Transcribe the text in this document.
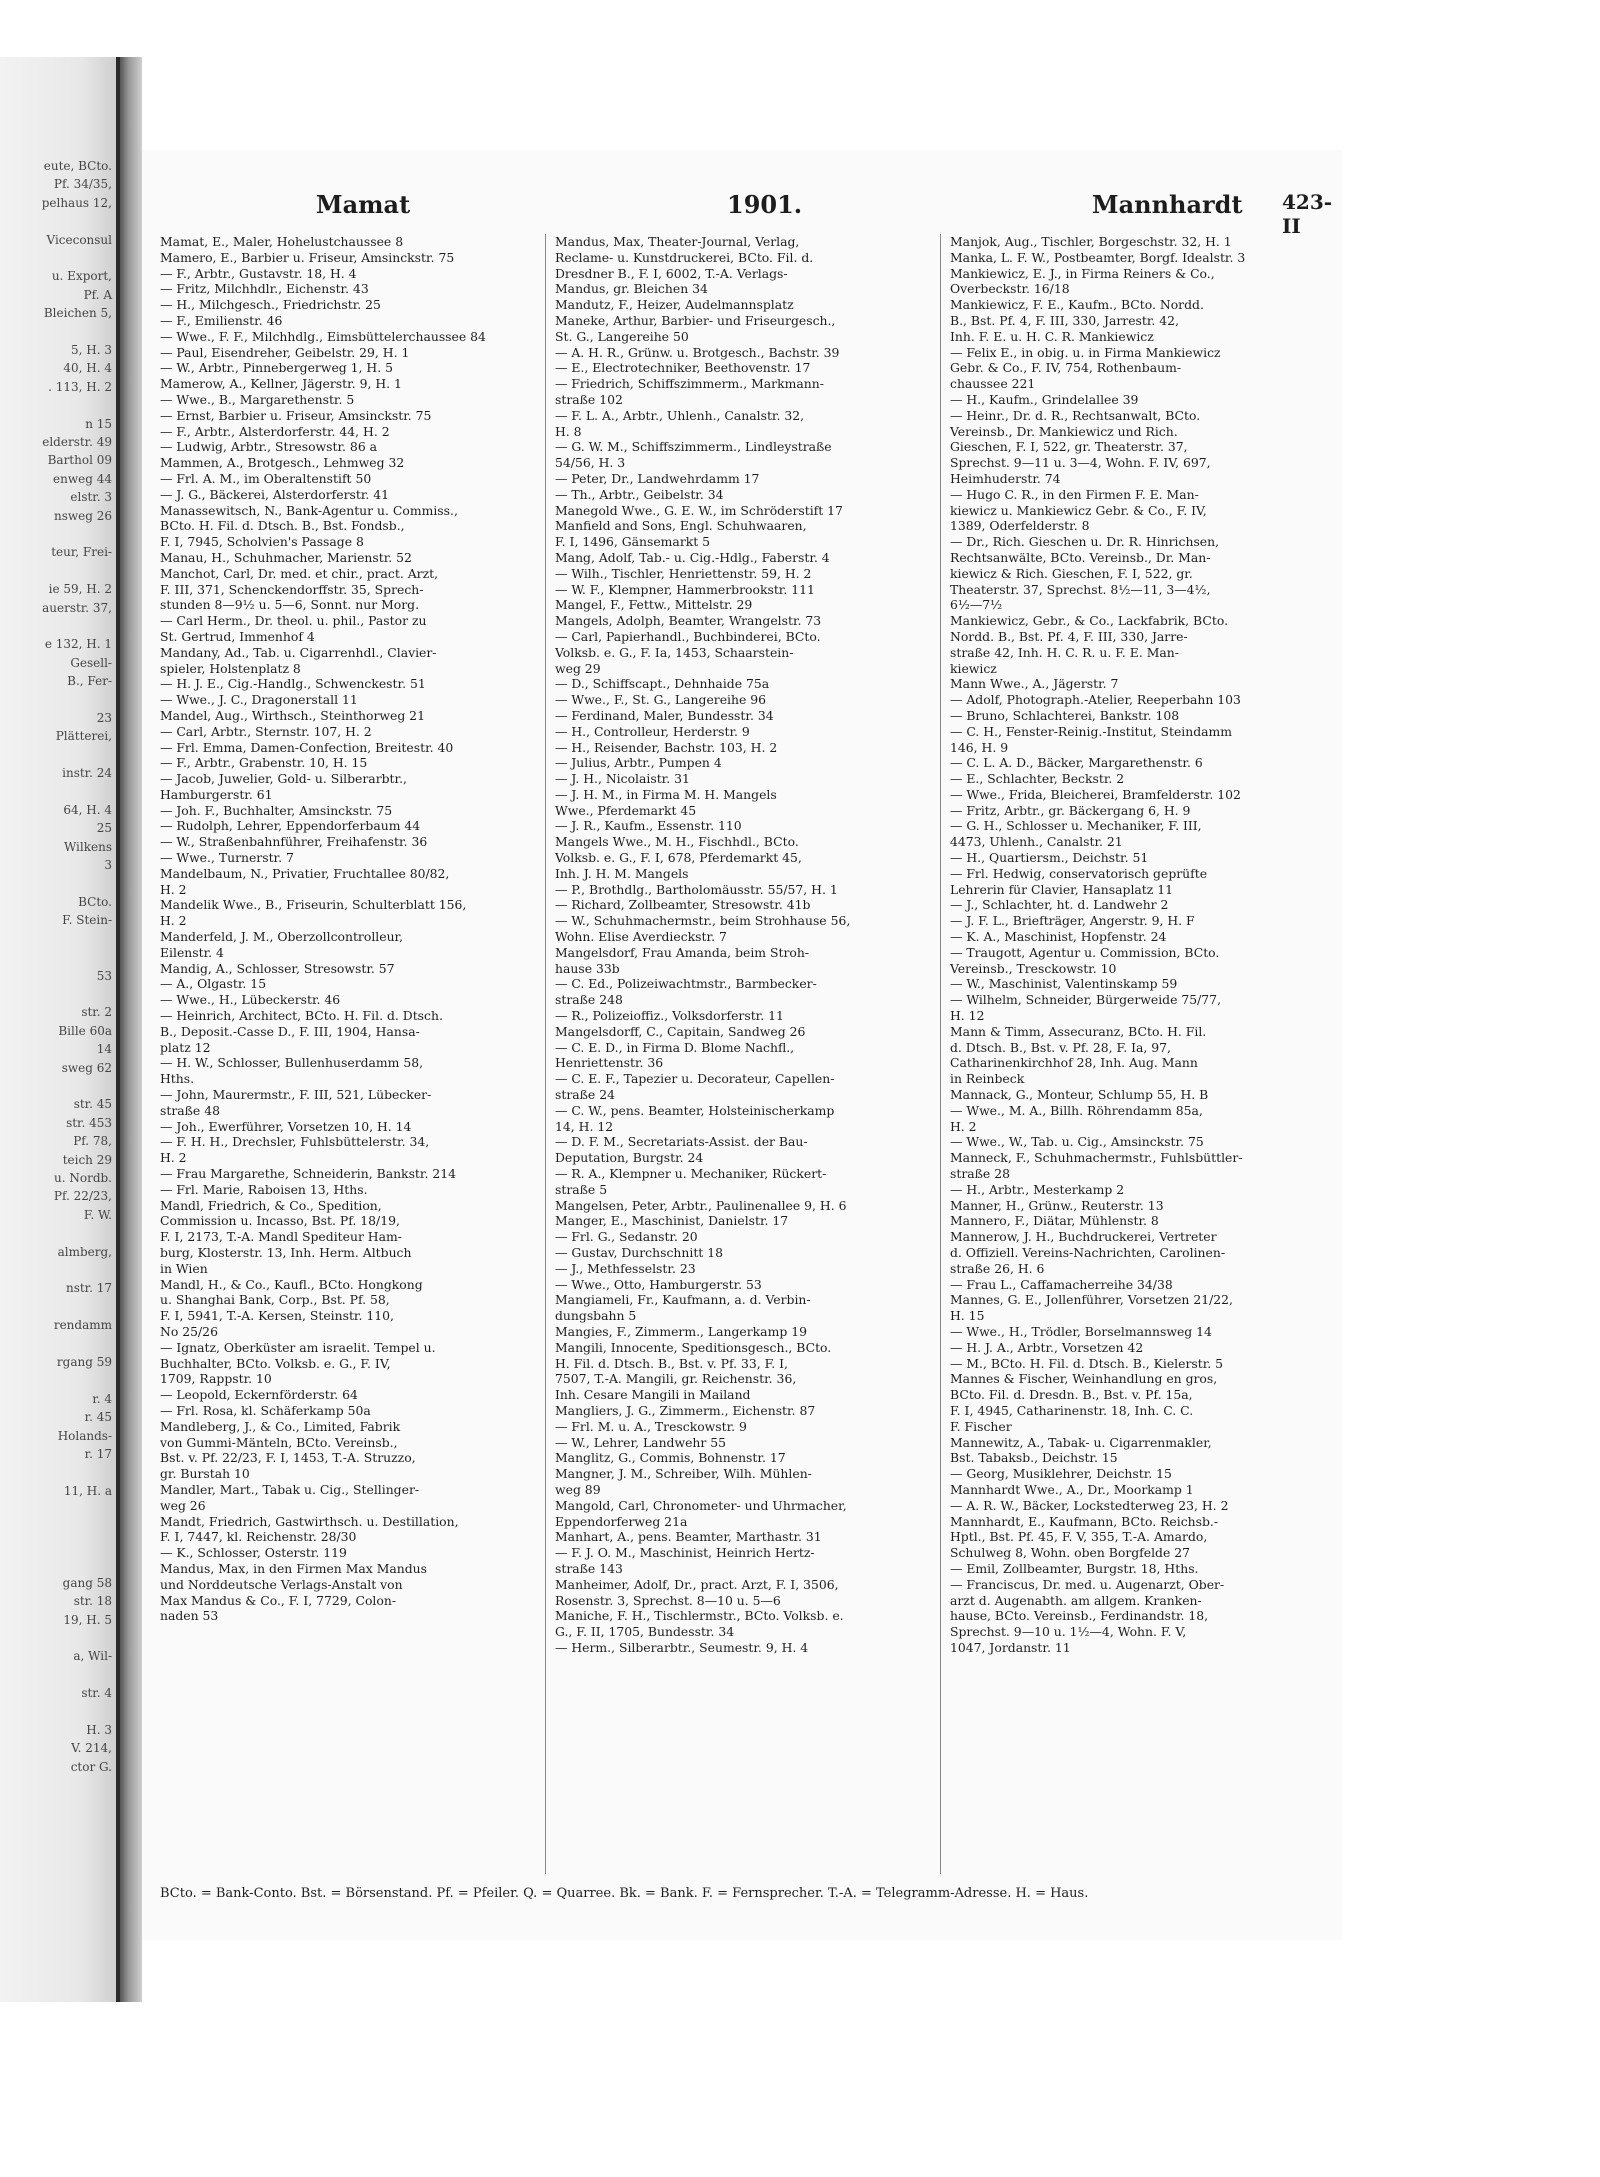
eute, BCto.
Pf. 34/35,
pelhaus 12,
Viceconsul
u. Export,
Pf. A
Bleichen 5,
5, H. 3
40, H. 4
. 113, H. 2
n 15
elderstr. 49
Barthol 09
enweg 44
elstr. 3
nsweg 26
teur, Frei-
ie 59, H. 2
auerstr. 37,
e 132, H. 1
Gesell-
B., Fer-
23
Plätterei,
instr. 24
64, H. 4
25
Wilkens
3
BCto.
F. Stein-
53
str. 2
Bille 60a
14
sweg 62
str. 45
str. 453
Pf. 78,
teich 29
u. Nordb.
Pf. 22/23,
F. W.
almberg,
nstr. 17
rendamm
rgang 59
r. 4
r. 45
Holands-
r. 17
11, H. a
gang 58
str. 18
19, H. 5
a, Wil-
str. 4
H. 3
V. 214,
ctor G.
Mamat	1901.	Mannhardt 423-II
Mamat, E., Maler, Hohelustchaussee 8
Mamero, E., Barbier u. Friseur, Amsinckstr. 75
— F., Arbtr., Gustavstr. 18, H. 4
— Fritz, Milchhdlr., Eichenstr. 43
— H., Milchgesch., Friedrichstr. 25
— F., Emilienstr. 46
— Wwe., F. F., Milchhdlg., Eimsbüttelerchaussee 84
— Paul, Eisendreher, Geibelstr. 29, H. 1
— W., Arbtr., Pinnebergerweg 1, H. 5
Mamerow, A., Kellner, Jägerstr. 9, H. 1
— Wwe., B., Margarethenstr. 5
— Ernst, Barbier u. Friseur, Amsinckstr. 75
— F., Arbtr., Alsterdorferstr. 44, H. 2
— Ludwig, Arbtr., Stresowstr. 86 a
Mammen, A., Brotgesch., Lehmweg 32
— Frl. A. M., im Oberaltenstift 50
— J. G., Bäckerei, Alsterdorferstr. 41
Manassewitsch, N., Bank-Agentur u. Commiss.,
BCto. H. Fil. d. Dtsch. B., Bst. Fondsb.,
F. I, 7945, Scholvien's Passage 8
Manau, H., Schuhmacher, Marienstr. 52
Manchot, Carl, Dr. med. et chir., pract. Arzt,
F. III, 371, Schenckendorffstr. 35, Sprech-
stunden 8—9½ u. 5—6, Sonnt. nur Morg.
— Carl Herm., Dr. theol. u. phil., Pastor zu
St. Gertrud, Immenhof 4
Mandany, Ad., Tab. u. Cigarrenhdl., Clavier-
spieler, Holstenplatz 8
— H. J. E., Cig.-Handlg., Schwenckestr. 51
— Wwe., J. C., Dragonerstall 11
Mandel, Aug., Wirthsch., Steinthorweg 21
— Carl, Arbtr., Sternstr. 107, H. 2
— Frl. Emma, Damen-Confection, Breitestr. 40
— F., Arbtr., Grabenstr. 10, H. 15
— Jacob, Juwelier, Gold- u. Silberarbtr.,
Hamburgerstr. 61
— Joh. F., Buchhalter, Amsinckstr. 75
— Rudolph, Lehrer, Eppendorferbaum 44
— W., Straßenbahnführer, Freihafenstr. 36
— Wwe., Turnerstr. 7
Mandelbaum, N., Privatier, Fruchtallee 80/82,
H. 2
Mandelik Wwe., B., Friseurin, Schulterblatt 156,
H. 2
Manderfeld, J. M., Oberzollcontrolleur,
Eilenstr. 4
Mandig, A., Schlosser, Stresowstr. 57
— A., Olgastr. 15
— Wwe., H., Lübeckerstr. 46
— Heinrich, Architect, BCto. H. Fil. d. Dtsch.
B., Deposit.-Casse D., F. III, 1904, Hansa-
platz 12
— H. W., Schlosser, Bullenhuserdamm 58,
Hths.
— John, Maurermstr., F. III, 521, Lübecker-
straße 48
— Joh., Ewerführer, Vorsetzen 10, H. 14
— F. H. H., Drechsler, Fuhlsbüttelerstr. 34,
H. 2
— Frau Margarethe, Schneiderin, Bankstr. 214
— Frl. Marie, Raboisen 13, Hths.
Mandl, Friedrich, & Co., Spedition,
Commission u. Incasso, Bst. Pf. 18/19,
F. I, 2173, T.-A. Mandl Spediteur Ham-
burg, Klosterstr. 13, Inh. Herm. Altbuch
in Wien
Mandl, H., & Co., Kaufl., BCto. Hongkong
u. Shanghai Bank, Corp., Bst. Pf. 58,
F. I, 5941, T.-A. Kersen, Steinstr. 110,
No 25/26
— Ignatz, Oberküster am israelit. Tempel u.
Buchhalter, BCto. Volksb. e. G., F. IV,
1709, Rappstr. 10
— Leopold, Eckernförderstr. 64
— Frl. Rosa, kl. Schäferkamp 50a
Mandleberg, J., & Co., Limited, Fabrik
von Gummi-Mänteln, BCto. Vereinsb.,
Bst. v. Pf. 22/23, F. I, 1453, T.-A. Struzzo,
gr. Burstah 10
Mandler, Mart., Tabak u. Cig., Stellinger-
weg 26
Mandt, Friedrich, Gastwirthsch. u. Destillation,
F. I, 7447, kl. Reichenstr. 28/30
— K., Schlosser, Osterstr. 119
Mandus, Max, in den Firmen Max Mandus
und Norddeutsche Verlags-Anstalt von
Max Mandus & Co., F. I, 7729, Colon-
naden 53
Mandus, Max, Theater-Journal, Verlag,
Reclame- u. Kunstdruckerei, BCto. Fil. d.
Dresdner B., F. I, 6002, T.-A. Verlags-
Mandus, gr. Bleichen 34
Mandutz, F., Heizer, Audelmannsplatz
Maneke, Arthur, Barbier- und Friseurgesch.,
St. G., Langereihe 50
— A. H. R., Grünw. u. Brotgesch., Bachstr. 39
— E., Electrotechniker, Beethovenstr. 17
— Friedrich, Schiffszimmerm., Markmann-
straße 102
— F. L. A., Arbtr., Uhlenh., Canalstr. 32,
H. 8
— G. W. M., Schiffszimmerm., Lindleystraße
54/56, H. 3
— Peter, Dr., Landwehrdamm 17
— Th., Arbtr., Geibelstr. 34
Manegold Wwe., G. E. W., im Schröderstift 17
Manfield and Sons, Engl. Schuhwaaren,
F. I, 1496, Gänsemarkt 5
Mang, Adolf, Tab.- u. Cig.-Hdlg., Faberstr. 4
— Wilh., Tischler, Henriettenstr. 59, H. 2
— W. F., Klempner, Hammerbrookstr. 111
Mangel, F., Fettw., Mittelstr. 29
Mangels, Adolph, Beamter, Wrangelstr. 73
— Carl, Papierhandl., Buchbinderei, BCto.
Volksb. e. G., F. Ia, 1453, Schaarstein-
weg 29
— D., Schiffscapt., Dehnhaide 75a
— Wwe., F., St. G., Langereihe 96
— Ferdinand, Maler, Bundesstr. 34
— H., Controlleur, Herderstr. 9
— H., Reisender, Bachstr. 103, H. 2
— Julius, Arbtr., Pumpen 4
— J. H., Nicolaistr. 31
— J. H. M., in Firma M. H. Mangels
Wwe., Pferdemarkt 45
— J. R., Kaufm., Essenstr. 110
Mangels Wwe., M. H., Fischhdl., BCto.
Volksb. e. G., F. I, 678, Pferdemarkt 45,
Inh. J. H. M. Mangels
— P., Brothdlg., Bartholomäusstr. 55/57, H. 1
— Richard, Zollbeamter, Stresowstr. 41b
— W., Schuhmachermstr., beim Strohhause 56,
Wohn. Elise Averdieckstr. 7
Mangelsdorf, Frau Amanda, beim Stroh-
hause 33b
— C. Ed., Polizeiwachtmstr., Barmbecker-
straße 248
— R., Polizeioffiz., Volksdorferstr. 11
Mangelsdorff, C., Capitain, Sandweg 26
— C. E. D., in Firma D. Blome Nachfl.,
Henriettenstr. 36
— C. E. F., Tapezier u. Decorateur, Capellen-
straße 24
— C. W., pens. Beamter, Holsteinischerkamp
14, H. 12
— D. F. M., Secretariats-Assist. der Bau-
Deputation, Burgstr. 24
— R. A., Klempner u. Mechaniker, Rückert-
straße 5
Mangelsen, Peter, Arbtr., Paulinenallee 9, H. 6
Manger, E., Maschinist, Danielstr. 17
— Frl. G., Sedanstr. 20
— Gustav, Durchschnitt 18
— J., Methfesselstr. 23
— Wwe., Otto, Hamburgerstr. 53
Mangiameli, Fr., Kaufmann, a. d. Verbin-
dungsbahn 5
Mangies, F., Zimmerm., Langerkamp 19
Mangili, Innocente, Speditionsgesch., BCto.
H. Fil. d. Dtsch. B., Bst. v. Pf. 33, F. I,
7507, T.-A. Mangili, gr. Reichenstr. 36,
Inh. Cesare Mangili in Mailand
Mangliers, J. G., Zimmerm., Eichenstr. 87
— Frl. M. u. A., Tresckowstr. 9
— W., Lehrer, Landwehr 55
Manglitz, G., Commis, Bohnenstr. 17
Mangner, J. M., Schreiber, Wilh. Mühlen-
weg 89
Mangold, Carl, Chronometer- und Uhrmacher,
Eppendorferweg 21a
Manhart, A., pens. Beamter, Marthastr. 31
— F. J. O. M., Maschinist, Heinrich Hertz-
straße 143
Manheimer, Adolf, Dr., pract. Arzt, F. I, 3506,
Rosenstr. 3, Sprechst. 8—10 u. 5—6
Maniche, F. H., Tischlermstr., BCto. Volksb. e.
G., F. II, 1705, Bundesstr. 34
— Herm., Silberarbtr., Seumestr. 9, H. 4
Manjok, Aug., Tischler, Borgeschstr. 32, H. 1
Manka, L. F. W., Postbeamter, Borgf. Idealstr. 3
Mankiewicz, E. J., in Firma Reiners & Co.,
Overbeckstr. 16/18
Mankiewicz, F. E., Kaufm., BCto. Nordd.
B., Bst. Pf. 4, F. III, 330, Jarrestr. 42,
Inh. F. E. u. H. C. R. Mankiewicz
— Felix E., in obig. u. in Firma Mankiewicz
Gebr. & Co., F. IV, 754, Rothenbaum-
chaussee 221
— H., Kaufm., Grindelallee 39
— Heinr., Dr. d. R., Rechtsanwalt, BCto.
Vereinsb., Dr. Mankiewicz und Rich.
Gieschen, F. I, 522, gr. Theaterstr. 37,
Sprechst. 9—11 u. 3—4, Wohn. F. IV, 697,
Heimhuderstr. 74
— Hugo C. R., in den Firmen F. E. Man-
kiewicz u. Mankiewicz Gebr. & Co., F. IV,
1389, Oderfelderstr. 8
— Dr., Rich. Gieschen u. Dr. R. Hinrichsen,
Rechtsanwälte, BCto. Vereinsb., Dr. Man-
kiewicz & Rich. Gieschen, F. I, 522, gr.
Theaterstr. 37, Sprechst. 8½—11, 3—4½,
6½—7½
Mankiewicz, Gebr., & Co., Lackfabrik, BCto.
Nordd. B., Bst. Pf. 4, F. III, 330, Jarre-
straße 42, Inh. H. C. R. u. F. E. Man-
kiewicz
Mann Wwe., A., Jägerstr. 7
— Adolf, Photograph.-Atelier, Reeperbahn 103
— Bruno, Schlachterei, Bankstr. 108
— C. H., Fenster-Reinig.-Institut, Steindamm
146, H. 9
— C. L. A. D., Bäcker, Margarethenstr. 6
— E., Schlachter, Beckstr. 2
— Wwe., Frida, Bleicherei, Bramfelderstr. 102
— Fritz, Arbtr., gr. Bäckergang 6, H. 9
— G. H., Schlosser u. Mechaniker, F. III,
4473, Uhlenh., Canalstr. 21
— H., Quartiersm., Deichstr. 51
— Frl. Hedwig, conservatorisch geprüfte
Lehrerin für Clavier, Hansaplatz 11
— J., Schlachter, ht. d. Landwehr 2
— J. F. L., Briefträger, Angerstr. 9, H. F
— K. A., Maschinist, Hopfenstr. 24
— Traugott, Agentur u. Commission, BCto.
Vereinsb., Tresckowstr. 10
— W., Maschinist, Valentinskamp 59
— Wilhelm, Schneider, Bürgerweide 75/77,
H. 12
Mann & Timm, Assecuranz, BCto. H. Fil.
d. Dtsch. B., Bst. v. Pf. 28, F. Ia, 97,
Catharinenkirchhof 28, Inh. Aug. Mann
in Reinbeck
Mannack, G., Monteur, Schlump 55, H. B
— Wwe., M. A., Billh. Röhrendamm 85a,
H. 2
— Wwe., W., Tab. u. Cig., Amsinckstr. 75
Manneck, F., Schuhmachermstr., Fuhlsbüttler-
straße 28
— H., Arbtr., Mesterkamp 2
Manner, H., Grünw., Reuterstr. 13
Mannero, F., Diätar, Mühlenstr. 8
Mannerow, J. H., Buchdruckerei, Vertreter
d. Offiziell. Vereins-Nachrichten, Carolinen-
straße 26, H. 6
— Frau L., Caffamacherreihe 34/38
Mannes, G. E., Jollenführer, Vorsetzen 21/22,
H. 15
— Wwe., H., Trödler, Borselmannsweg 14
— H. J. A., Arbtr., Vorsetzen 42
— M., BCto. H. Fil. d. Dtsch. B., Kielerstr. 5
Mannes & Fischer, Weinhandlung en gros,
BCto. Fil. d. Dresdn. B., Bst. v. Pf. 15a,
F. I, 4945, Catharinenstr. 18, Inh. C. C.
F. Fischer
Mannewitz, A., Tabak- u. Cigarrenmakler,
Bst. Tabaksb., Deichstr. 15
— Georg, Musiklehrer, Deichstr. 15
Mannhardt Wwe., A., Dr., Moorkamp 1
— A. R. W., Bäcker, Lockstedterweg 23, H. 2
Mannhardt, E., Kaufmann, BCto. Reichsb.-
Hptl., Bst. Pf. 45, F. V, 355, T.-A. Amardo,
Schulweg 8, Wohn. oben Borgfelde 27
— Emil, Zollbeamter, Burgstr. 18, Hths.
— Franciscus, Dr. med. u. Augenarzt, Ober-
arzt d. Augenabth. am allgem. Kranken-
hause, BCto. Vereinsb., Ferdinandstr. 18,
Sprechst. 9—10 u. 1½—4, Wohn. F. V,
1047, Jordanstr. 11
BCto. = Bank-Conto. Bst. = Börsenstand. Pf. = Pfeiler. Q. = Quarree. Bk. = Bank. F. = Fernsprecher. T.-A. = Telegramm-Adresse. H. = Haus.
